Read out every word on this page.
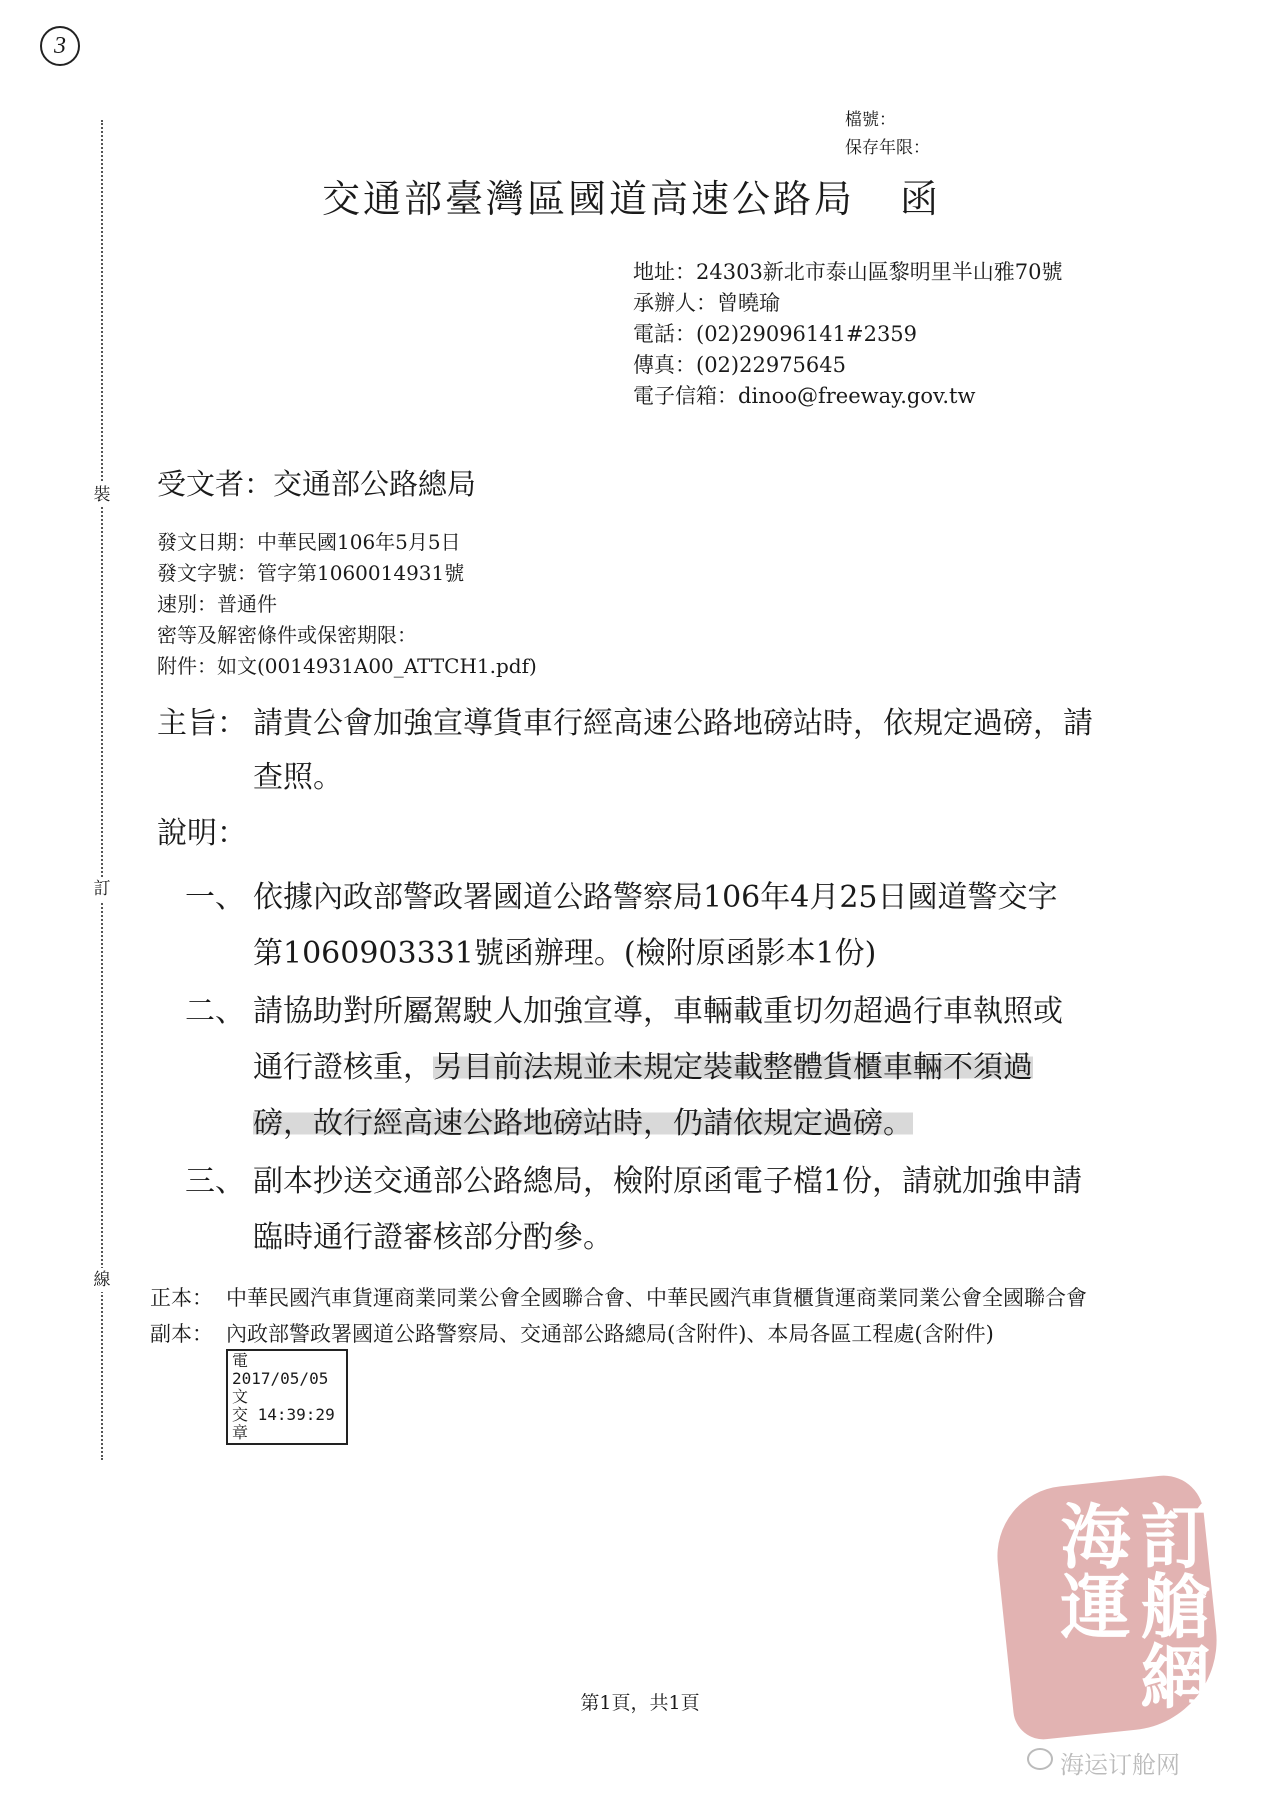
3
裝
訂
線
檔號：
保存年限：
交通部臺灣區國道高速公路局 函
地址： 24303新北市泰山區黎明里半山雅70號
承辦人： 曾曉瑜
電話： (02)29096141#2359
傳真： (02)22975645
電子信箱： dinoo@freeway.gov.tw
受文者：交通部公路總局
發文日期：中華民國106年5月5日
發文字號：管字第1060014931號
速別：普通件
密等及解密條件或保密期限：
附件：如文(0014931A00_ATTCH1.pdf)
主旨： 請貴公會加強宣導貨車行經高速公路地磅站時，依規定過磅，請查照。
說明：
一、 依據內政部警政署國道公路警察局106年4月25日國道警交字第1060903331號函辦理。(檢附原函影本1份)
二、 請協助對所屬駕駛人加強宣導，車輛載重切勿超過行車執照或通行證核重，另目前法規並未規定裝載整體貨櫃車輛不須過磅，故行經高速公路地磅站時，仍請依規定過磅。
三、 副本抄送交通部公路總局，檢附原函電子檔1份，請就加強申請臨時通行證審核部分酌參。
正本： 中華民國汽車貨運商業同業公會全國聯合會、中華民國汽車貨櫃貨運商業同業公會全國聯合會
副本： 內政部警政署國道公路警察局、交通部公路總局(含附件)、本局各區工程處(含附件) 電2017/05/05文
交 14:39:29章
第1頁，共1頁	訂艙網海運
海运订舱网
